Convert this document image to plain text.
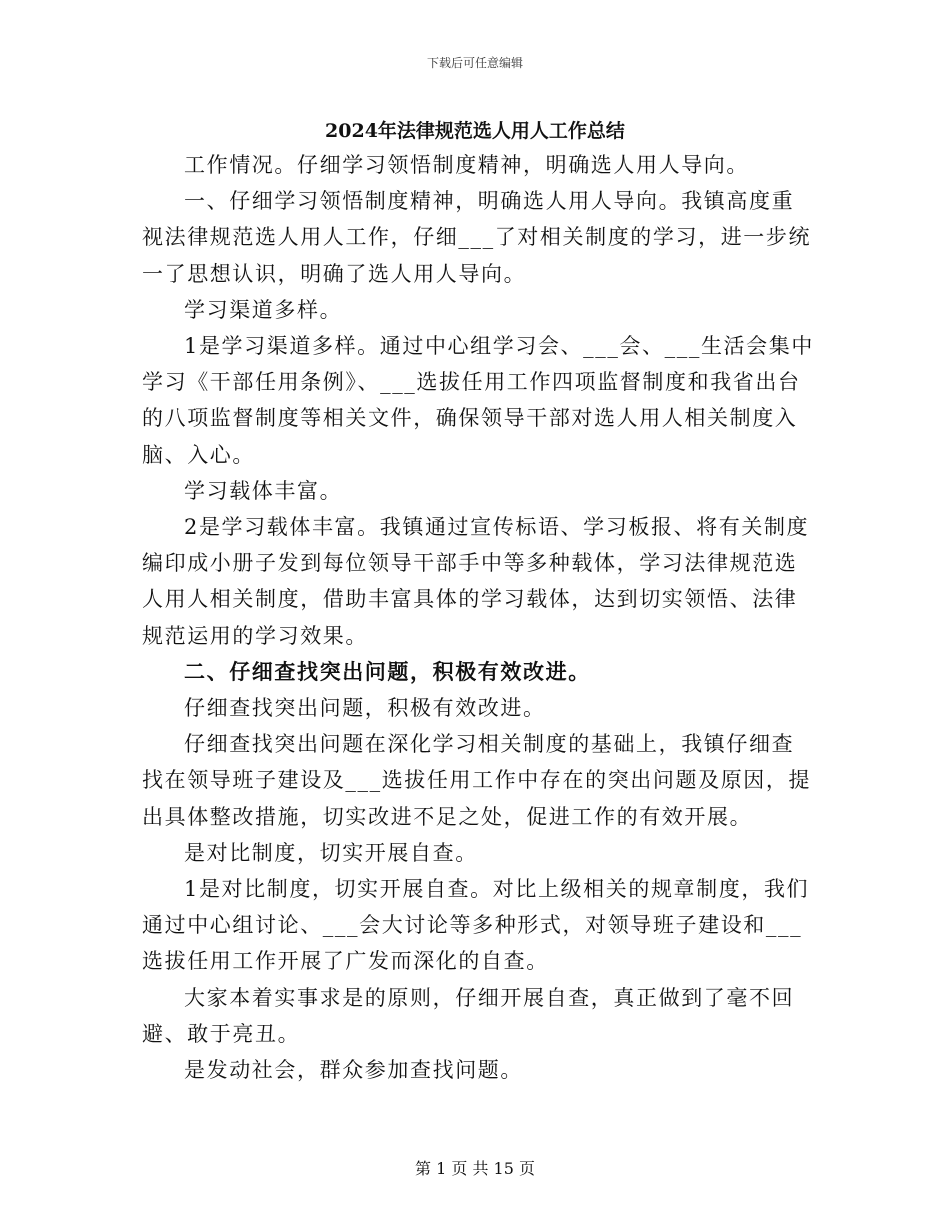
下载后可任意编辑
2024年法律规范选人用人工作总结

工作情况。仔细学习领悟制度精神，明确选人用人导向。

一、仔细学习领悟制度精神，明确选人用人导向。我镇高度重视法律规范选人用人工作，仔细___了对相关制度的学习，进一步统一了思想认识，明确了选人用人导向。

学习渠道多样。

1是学习渠道多样。通过中心组学习会、___会、___生活会集中学习《干部任用条例》、___选拔任用工作四项监督制度和我省出台的八项监督制度等相关文件，确保领导干部对选人用人相关制度入脑、入心。

学习载体丰富。

2是学习载体丰富。我镇通过宣传标语、学习板报、将有关制度编印成小册子发到每位领导干部手中等多种载体，学习法律规范选人用人相关制度，借助丰富具体的学习载体，达到切实领悟、法律规范运用的学习效果。

二、仔细查找突出问题，积极有效改进。

仔细查找突出问题，积极有效改进。

仔细查找突出问题在深化学习相关制度的基础上，我镇仔细查找在领导班子建设及___选拔任用工作中存在的突出问题及原因，提出具体整改措施，切实改进不足之处，促进工作的有效开展。

是对比制度，切实开展自查。

1是对比制度，切实开展自查。对比上级相关的规章制度，我们通过中心组讨论、___会大讨论等多种形式，对领导班子建设和___选拔任用工作开展了广发而深化的自查。

大家本着实事求是的原则，仔细开展自查，真正做到了毫不回避、敢于亮丑。

是发动社会，群众参加查找问题。

第 1 页 共 15 页
